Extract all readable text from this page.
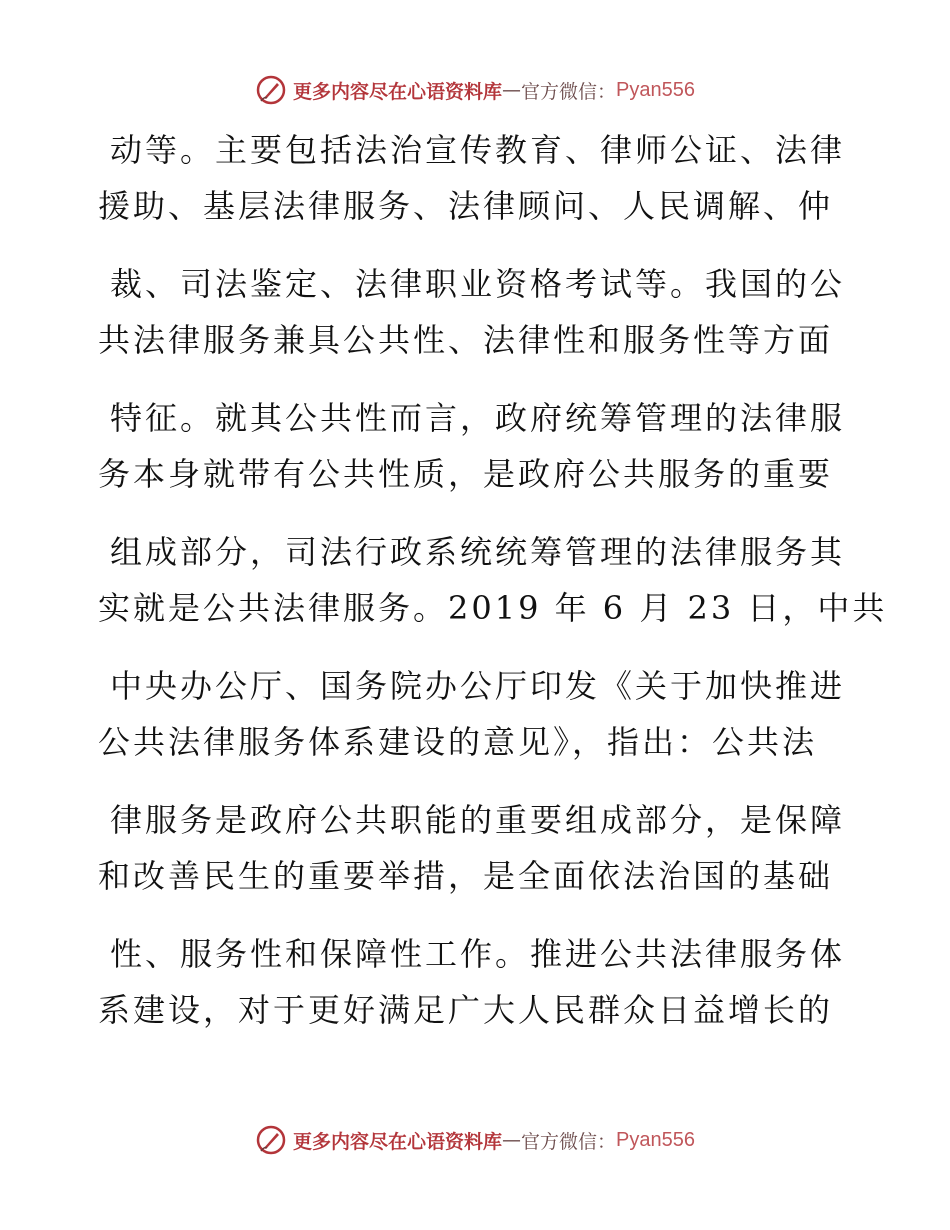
更多内容尽在心语资料库 — 官方微信： Pyan556
动等。主要包括法治宣传教育、律师公证、法律
援助、基层法律服务、法律顾问、人民调解、仲
裁、司法鉴定、法律职业资格考试等。我国的公
共法律服务兼具公共性、法律性和服务性等方面
特征。就其公共性而言，政府统筹管理的法律服
务本身就带有公共性质，是政府公共服务的重要
组成部分，司法行政系统统筹管理的法律服务其
实就是公共法律服务。2019 年 6 月 23 日，中共
中央办公厅、国务院办公厅印发《关于加快推进
公共法律服务体系建设的意见》，指出：公共法
律服务是政府公共职能的重要组成部分，是保障
和改善民生的重要举措，是全面依法治国的基础
性、服务性和保障性工作。推进公共法律服务体
系建设，对于更好满足广大人民群众日益增长的
更多内容尽在心语资料库 — 官方微信： Pyan556
